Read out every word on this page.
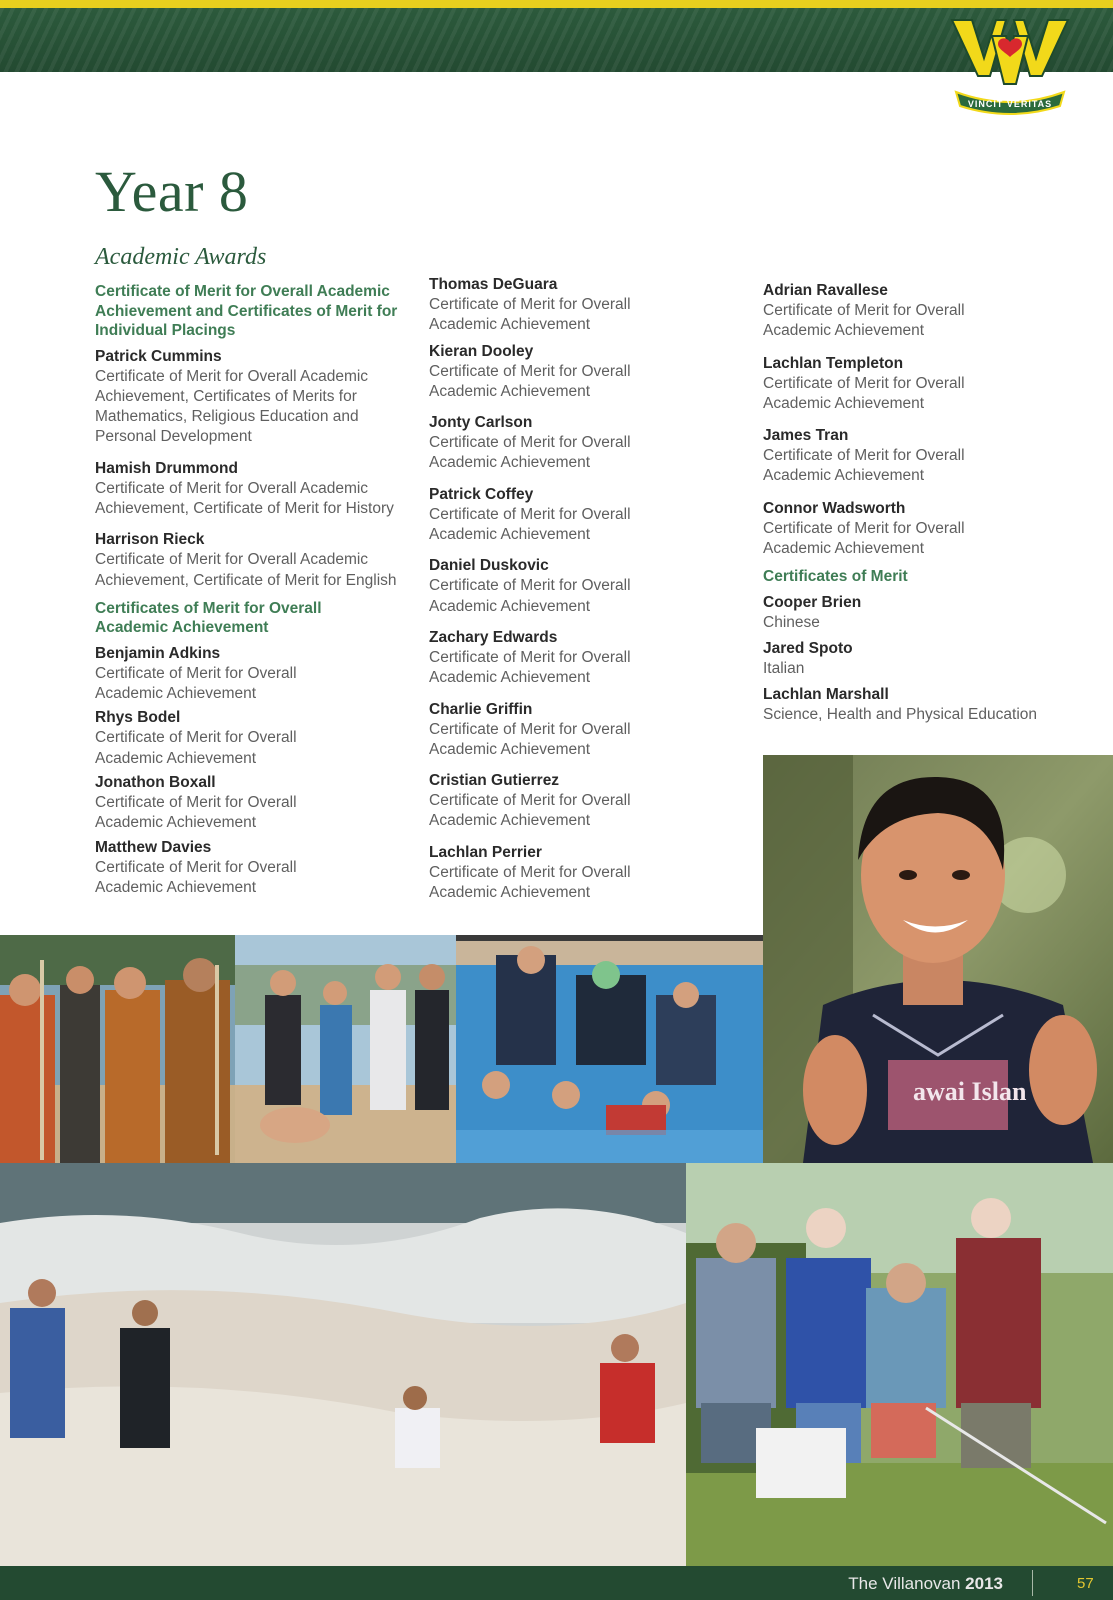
VINCIT VERITAS
Year 8
Academic Awards
Certificate of Merit for Overall Academic Achievement and Certificates of Merit for Individual Placings
Patrick Cummins
Certificate of Merit for Overall Academic Achievement, Certificates of Merits for Mathematics, Religious Education and Personal Development
Hamish Drummond
Certificate of Merit for Overall Academic Achievement, Certificate of Merit for History
Harrison Rieck
Certificate of Merit for Overall Academic Achievement, Certificate of Merit for English
Certificates of Merit for Overall Academic Achievement
Benjamin Adkins
Certificate of Merit for Overall Academic Achievement
Rhys Bodel
Certificate of Merit for Overall Academic Achievement
Jonathon Boxall
Certificate of Merit for Overall Academic Achievement
Matthew Davies
Certificate of Merit for Overall Academic Achievement
Thomas DeGuara
Certificate of Merit for Overall Academic Achievement
Kieran Dooley
Certificate of Merit for Overall Academic Achievement
Jonty Carlson
Certificate of Merit for Overall Academic Achievement
Patrick Coffey
Certificate of Merit for Overall Academic Achievement
Daniel Duskovic
Certificate of Merit for Overall Academic Achievement
Zachary Edwards
Certificate of Merit for Overall Academic Achievement
Charlie Griffin
Certificate of Merit for Overall Academic Achievement
Cristian Gutierrez
Certificate of Merit for Overall Academic Achievement
Lachlan Perrier
Certificate of Merit for Overall Academic Achievement
Adrian Ravallese
Certificate of Merit for Overall Academic Achievement
Lachlan Templeton
Certificate of Merit for Overall Academic Achievement
James Tran
Certificate of Merit for Overall Academic Achievement
Connor Wadsworth
Certificate of Merit for Overall Academic Achievement
Certificates of Merit
Cooper Brien
Chinese
Jared Spoto
Italian
Lachlan Marshall
Science, Health and Physical Education
awai Islan
The Villanovan 2013	57
